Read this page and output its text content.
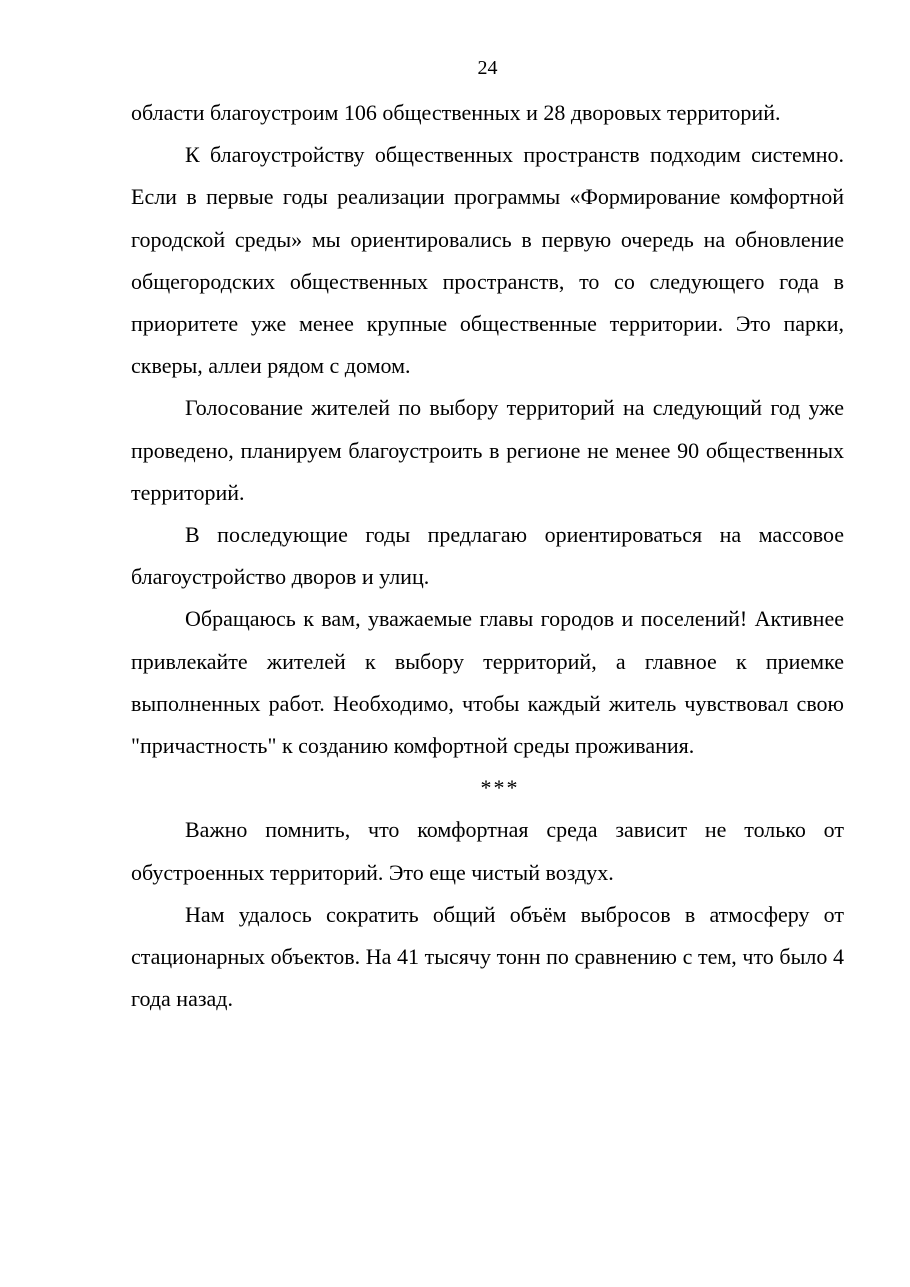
24

области благоустроим 106 общественных и 28 дворовых территорий.

К благоустройству общественных пространств подходим системно. Если в первые годы реализации программы «Формирование комфортной городской среды» мы ориентировались в первую очередь на обновление общегородских общественных пространств, то со следующего года в приоритете уже менее крупные общественные территории. Это парки, скверы, аллеи рядом с домом.

Голосование жителей по выбору территорий на следующий год уже проведено, планируем благоустроить в регионе не менее 90 общественных территорий.

В последующие годы предлагаю ориентироваться на массовое благоустройство дворов и улиц.

Обращаюсь к вам, уважаемые главы городов и поселений! Активнее привлекайте жителей к выбору территорий, а главное к приемке выполненных работ. Необходимо, чтобы каждый житель чувствовал свою "причастность" к созданию комфортной среды проживания.

***

Важно помнить, что комфортная среда зависит не только от обустроенных территорий. Это еще чистый воздух.

Нам удалось сократить общий объём выбросов в атмосферу от стационарных объектов. На 41 тысячу тонн по сравнению с тем, что было 4 года назад.
